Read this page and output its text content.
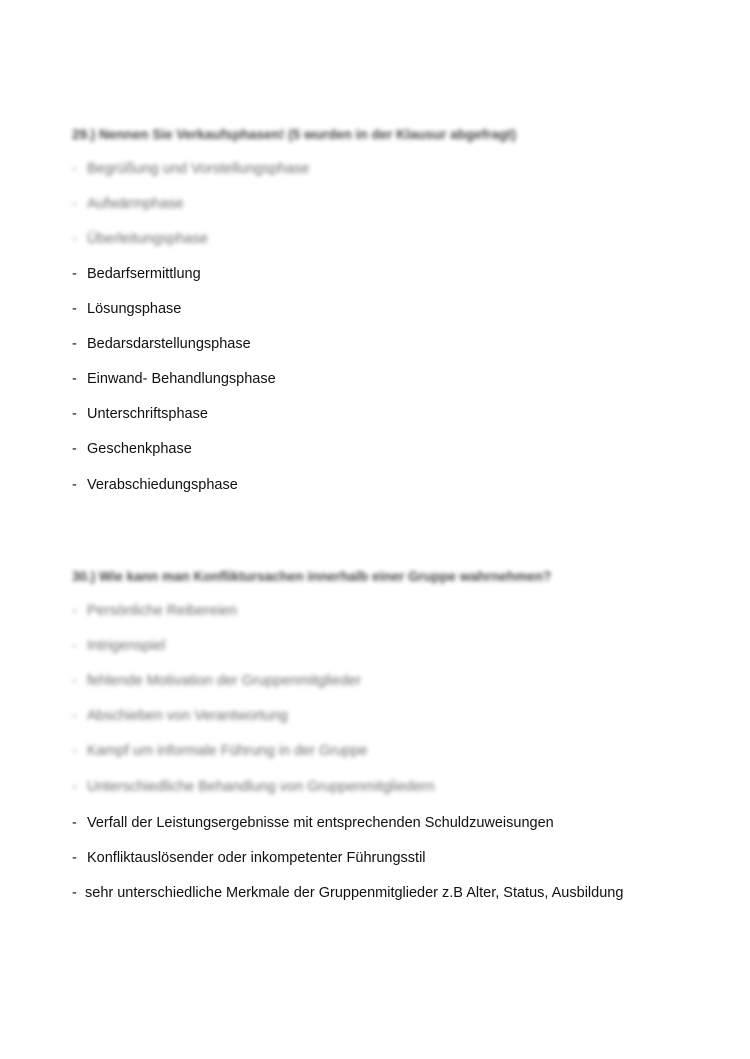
29.) Nennen Sie Verkaufsphasen! (5 wurden in der Klausur abgefragt)
- Begrüßung und Vorstellungsphase
- Aufwärmphase
- Überleitungsphase
- Bedarfsermittlung
- Lösungsphase
- Bedarsdarstellungsphase
- Einwand- Behandlungsphase
- Unterschriftsphase
- Geschenkphase
- Verabschiedungsphase
30.) Wie kann man Konfliktursachen innerhalb einer Gruppe wahrnehmen?
- Persönliche Reibereien
- Intrigenspiel
- fehlende Motivation der Gruppenmitglieder
- Abschieben von Verantwortung
- Kampf um informale Führung in der Gruppe
- Unterschiedliche Behandlung von Gruppenmitgliedern
- Verfall der Leistungsergebnisse mit entsprechenden Schuldzuweisungen
- Konfliktauslösender oder inkompetenter Führungsstil
- sehr unterschiedliche Merkmale der Gruppenmitglieder z.B Alter, Status, Ausbildung
